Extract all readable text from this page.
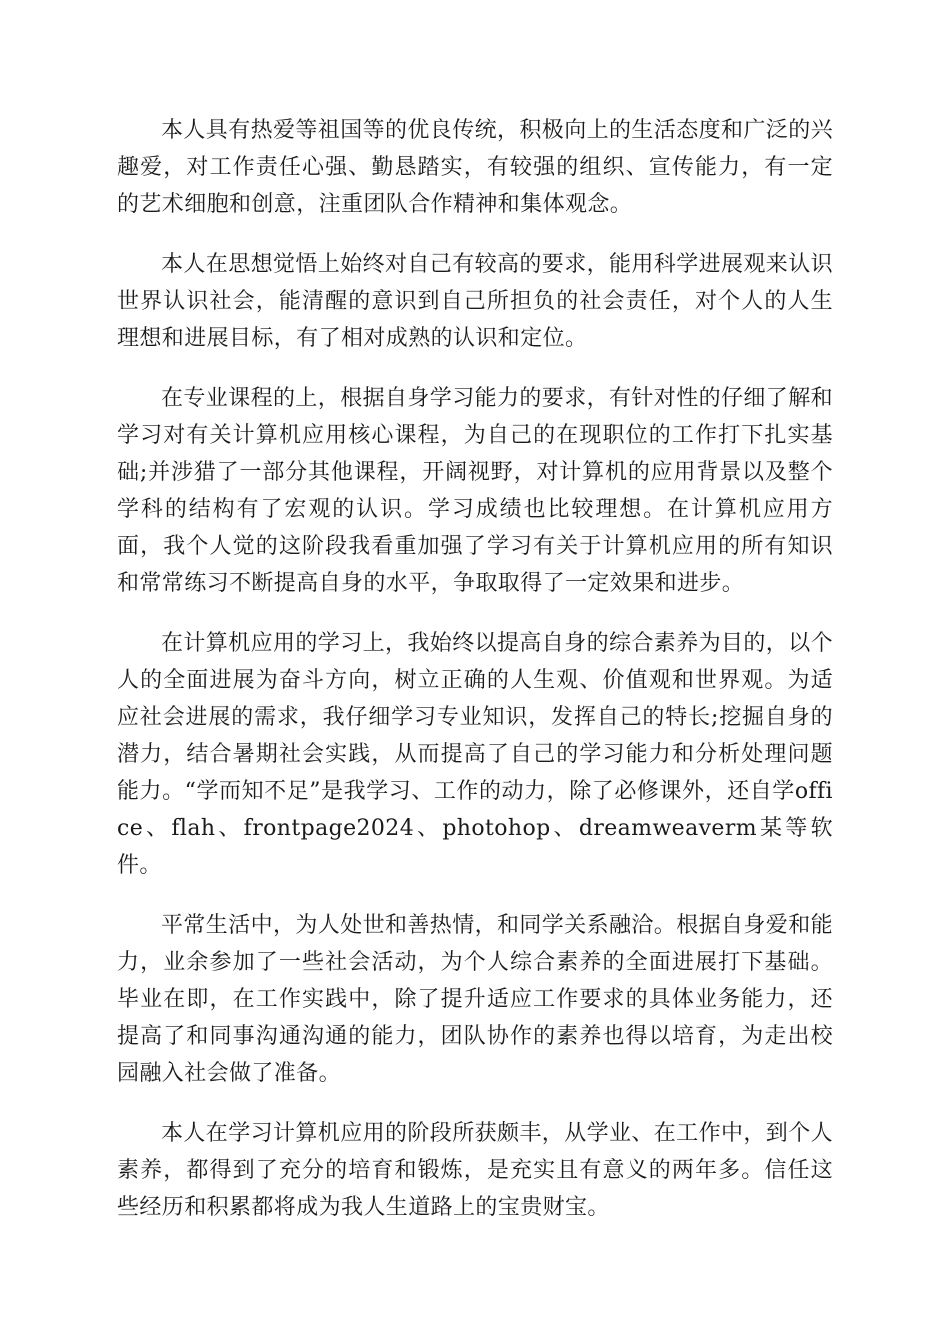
本人具有热爱等祖国等的优良传统，积极向上的生活态度和广泛的兴趣爱，对工作责任心强、勤恳踏实，有较强的组织、宣传能力，有一定的艺术细胞和创意，注重团队合作精神和集体观念。

本人在思想觉悟上始终对自己有较高的要求，能用科学进展观来认识世界认识社会，能清醒的意识到自己所担负的社会责任，对个人的人生理想和进展目标，有了相对成熟的认识和定位。

在专业课程的上，根据自身学习能力的要求，有针对性的仔细了解和学习对有关计算机应用核心课程，为自己的在现职位的工作打下扎实基础;并涉猎了一部分其他课程，开阔视野，对计算机的应用背景以及整个学科的结构有了宏观的认识。学习成绩也比较理想。在计算机应用方面，我个人觉的这阶段我看重加强了学习有关于计算机应用的所有知识和常常练习不断提高自身的水平，争取取得了一定效果和进步。

在计算机应用的学习上，我始终以提高自身的综合素养为目的，以个人的全面进展为奋斗方向，树立正确的人生观、价值观和世界观。为适应社会进展的需求，我仔细学习专业知识，发挥自己的特长;挖掘自身的潜力，结合暑期社会实践，从而提高了自己的学习能力和分析处理问题能力。“学而知不足”是我学习、工作的动力，除了必修课外，还自学office、flah、frontpage2024、photohop、dreamweaverm某等软件。

平常生活中，为人处世和善热情，和同学关系融洽。根据自身爱和能力，业余参加了一些社会活动，为个人综合素养的全面进展打下基础。毕业在即，在工作实践中，除了提升适应工作要求的具体业务能力，还提高了和同事沟通沟通的能力，团队协作的素养也得以培育，为走出校园融入社会做了准备。

本人在学习计算机应用的阶段所获颇丰，从学业、在工作中，到个人素养，都得到了充分的培育和锻炼，是充实且有意义的两年多。信任这些经历和积累都将成为我人生道路上的宝贵财宝。
